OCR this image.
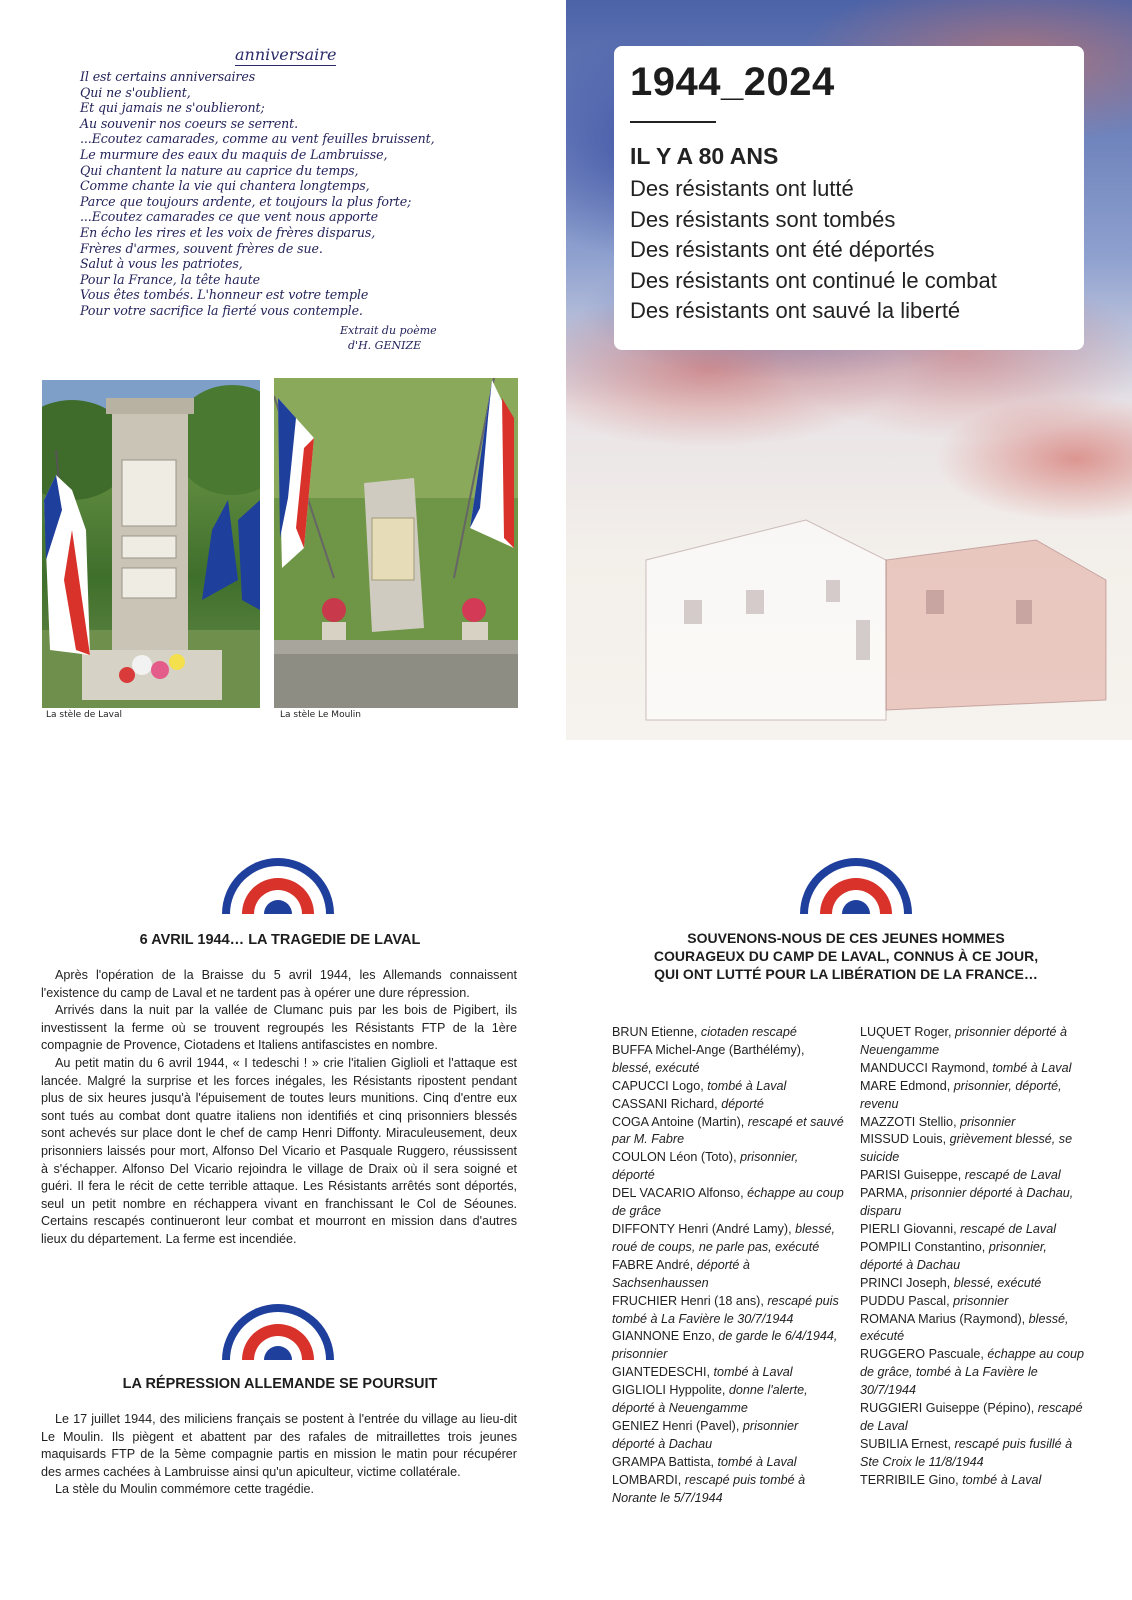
anniversaire
Il est certains anniversaires
Qui ne s'oublient,
Et qui jamais ne s'oublieront;
Au souvenir nos coeurs se serrent.
...Ecoutez camarades, comme au vent feuilles bruissent,
Le murmure des eaux du maquis de Lambruisse,
Qui chantent la nature au caprice du temps,
Comme chante la vie qui chantera longtemps,
Parce que toujours ardente, et toujours la plus forte;
...Ecoutez camarades ce que vent nous apporte
En écho les rires et les voix de frères disparus,
Frères d'armes, souvent frères de sue.
Salut à vous les patriotes,
Pour la France, la tête haute
Vous êtes tombés. L'honneur est votre temple
Pour votre sacrifice la fierté vous contemple.
Extrait du poème
d'H. GENIZE
La stèle de Laval	La stèle Le Moulin
1944_2024
IL Y A 80 ANS
Des résistants ont lutté
Des résistants sont tombés
Des résistants ont été déportés
Des résistants ont continué le combat
Des résistants ont sauvé la liberté
6 AVRIL 1944… LA TRAGEDIE DE LAVAL

Après l'opération de la Braisse du 5 avril 1944, les Allemands connaissent l'existence du camp de Laval et ne tardent pas à opérer une dure répression.

Arrivés dans la nuit par la vallée de Clumanc puis par les bois de Pigibert, ils investissent la ferme où se trouvent regroupés les Résistants FTP de la 1ère compagnie de Provence, Ciotadens et Italiens antifascistes en nombre.

Au petit matin du 6 avril 1944, « I tedeschi ! » crie l'italien Giglioli et l'attaque est lancée. Malgré la surprise et les forces inégales, les Résistants ripostent pendant plus de six heures jusqu'à l'épuisement de toutes leurs munitions. Cinq d'entre eux sont tués au combat dont quatre italiens non identifiés et cinq prisonniers blessés sont achevés sur place dont le chef de camp Henri Diffonty. Miraculeusement, deux prisonniers laissés pour mort, Alfonso Del Vicario et Pasquale Ruggero, réussissent à s'échapper. Alfonso Del Vicario rejoindra le village de Draix où il sera soigné et guéri. Il fera le récit de cette terrible attaque. Les Résistants arrêtés sont déportés, seul un petit nombre en réchappera vivant en franchissant le Col de Séounes. Certains rescapés continueront leur combat et mourront en mission dans d'autres lieux du département. La ferme est incendiée.

LA RÉPRESSION ALLEMANDE SE POURSUIT

Le 17 juillet 1944, des miliciens français se postent à l'entrée du village au lieu-dit Le Moulin. Ils piègent et abattent par des rafales de mitraillettes trois jeunes maquisards FTP de la 5ème compagnie partis en mission le matin pour récupérer des armes cachées à Lambruisse ainsi qu'un apiculteur, victime collatérale.

La stèle du Moulin commémore cette tragédie.

SOUVENONS-NOUS DE CES JEUNES HOMMES
COURAGEUX DU CAMP DE LAVAL, CONNUS À CE JOUR,
QUI ONT LUTTÉ POUR LA LIBÉRATION DE LA FRANCE…
BRUN Etienne, ciotaden rescapé
BUFFA Michel-Ange (Barthélémy), blessé, exécuté
CAPUCCI Logo, tombé à Laval
CASSANI Richard, déporté
COGA Antoine (Martin), rescapé et sauvé par M. Fabre
COULON Léon (Toto), prisonnier, déporté
DEL VACARIO Alfonso, échappe au coup de grâce
DIFFONTY Henri (André Lamy), blessé, roué de coups, ne parle pas, exécuté
FABRE André, déporté à Sachsenhaussen
FRUCHIER Henri (18 ans), rescapé puis tombé à La Favière le 30/7/1944
GIANNONE Enzo, de garde le 6/4/1944, prisonnier
GIANTEDESCHI, tombé à Laval
GIGLIOLI Hyppolite, donne l'alerte, déporté à Neuengamme
GENIEZ Henri (Pavel), prisonnier déporté à Dachau
GRAMPA Battista, tombé à Laval
LOMBARDI, rescapé puis tombé à Norante le 5/7/1944
LUQUET Roger, prisonnier déporté à Neuengamme
MANDUCCI Raymond, tombé à Laval
MARE Edmond, prisonnier, déporté, revenu
MAZZOTI Stellio, prisonnier
MISSUD Louis, grièvement blessé, se suicide
PARISI Guiseppe, rescapé de Laval
PARMA, prisonnier déporté à Dachau, disparu
PIERLI Giovanni, rescapé de Laval
POMPILI Constantino, prisonnier, déporté à Dachau
PRINCI Joseph, blessé, exécuté
PUDDU Pascal, prisonnier
ROMANA Marius (Raymond), blessé, exécuté
RUGGERO Pascuale, échappe au coup de grâce, tombé à La Favière le 30/7/1944
RUGGIERI Guiseppe (Pépino), rescapé de Laval
SUBILIA Ernest, rescapé puis fusillé à Ste Croix le 11/8/1944
TERRIBILE Gino, tombé à Laval
